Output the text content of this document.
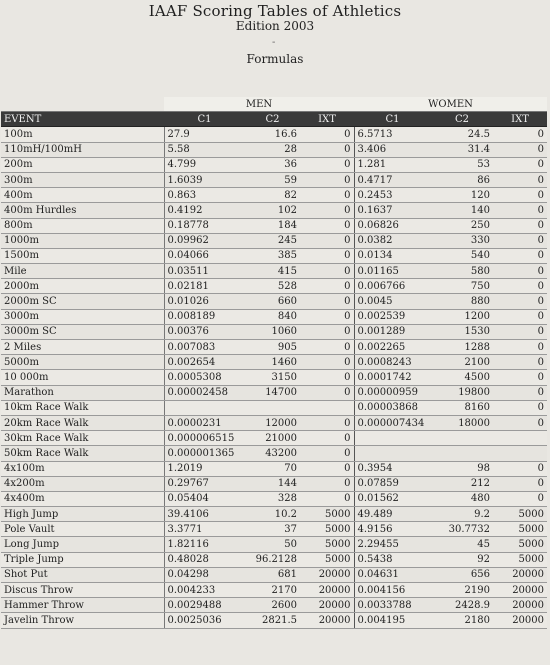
IAAF Scoring Tables of Athletics
Edition 2003
-
Formulas
	MEN			WOMEN		
EVENT	C1	C2	IXT	C1	C2	IXT
100m	27.9	16.6	0	6.5713	24.5	0
110mH/100mH	5.58	28	0	3.406	31.4	0
200m	4.799	36	0	1.281	53	0
300m	1.6039	59	0	0.4717	86	0
400m	0.863	82	0	0.2453	120	0
400m Hurdles	0.4192	102	0	0.1637	140	0
800m	0.18778	184	0	0.06826	250	0
1000m	0.09962	245	0	0.0382	330	0
1500m	0.04066	385	0	0.0134	540	0
Mile	0.03511	415	0	0.01165	580	0
2000m	0.02181	528	0	0.006766	750	0
2000m SC	0.01026	660	0	0.0045	880	0
3000m	0.008189	840	0	0.002539	1200	0
3000m SC	0.00376	1060	0	0.001289	1530	0
2 Miles	0.007083	905	0	0.002265	1288	0
5000m	0.002654	1460	0	0.0008243	2100	0
10 000m	0.0005308	3150	0	0.0001742	4500	0
Marathon	0.00002458	14700	0	0.00000959	19800	0
10km Race Walk				0.00003868	8160	0
20km Race Walk	0.0000231	12000	0	0.000007434	18000	0
30km Race Walk	0.000006515	21000	0			
50km Race Walk	0.000001365	43200	0			
4x100m	1.2019	70	0	0.3954	98	0
4x200m	0.29767	144	0	0.07859	212	0
4x400m	0.05404	328	0	0.01562	480	0
High Jump	39.4106	10.2	5000	49.489	9.2	5000
Pole Vault	3.3771	37	5000	4.9156	30.7732	5000
Long Jump	1.82116	50	5000	2.29455	45	5000
Triple Jump	0.48028	96.2128	5000	0.5438	92	5000
Shot Put	0.04298	681	20000	0.04631	656	20000
Discus Throw	0.004233	2170	20000	0.004156	2190	20000
Hammer Throw	0.0029488	2600	20000	0.0033788	2428.9	20000
Javelin Throw	0.0025036	2821.5	20000	0.004195	2180	20000
